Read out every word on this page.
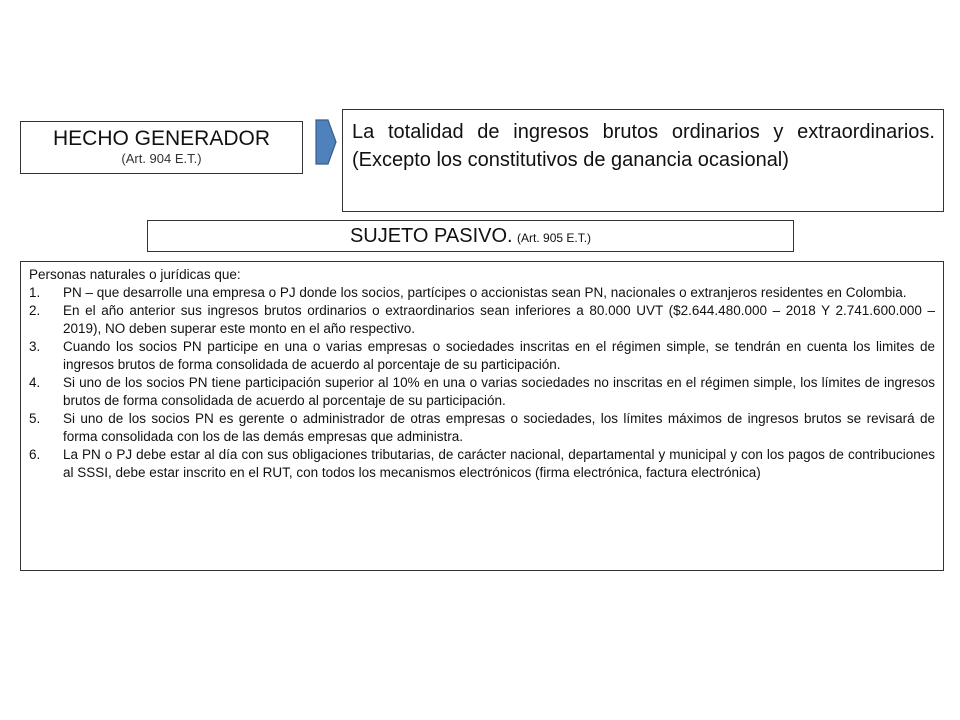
HECHO GENERADOR
(Art. 904 E.T.)

La totalidad de ingresos brutos ordinarios y extraordinarios. (Excepto los constitutivos de ganancia ocasional)

SUJETO PASIVO. (Art. 905 E.T.)

Personas naturales o jurídicas que:

1. PN – que desarrolle una empresa o PJ donde los socios, partícipes o accionistas sean PN, nacionales o extranjeros residentes en Colombia.
2. En el año anterior sus ingresos brutos ordinarios o extraordinarios sean inferiores a 80.000 UVT ($2.644.480.000 – 2018 Y 2.741.600.000 – 2019), NO deben superar este monto en el año respectivo.
3. Cuando los socios PN participe en una o varias empresas o sociedades inscritas en el régimen simple, se tendrán en cuenta los limites de ingresos brutos de forma consolidada de acuerdo al porcentaje de su participación.
4. Si uno de los socios PN tiene participación superior al 10% en una o varias sociedades no inscritas en el régimen simple, los límites de ingresos brutos de forma consolidada de acuerdo al porcentaje de su participación.
5. Si uno de los socios PN es gerente o administrador de otras empresas o sociedades, los límites máximos de ingresos brutos se revisará de forma consolidada con los de las demás empresas que administra.
6. La PN o PJ debe estar al día con sus obligaciones tributarias, de carácter nacional, departamental y municipal y con los pagos de contribuciones al SSSI, debe estar inscrito en el RUT, con todos los mecanismos electrónicos (firma electrónica, factura electrónica)
